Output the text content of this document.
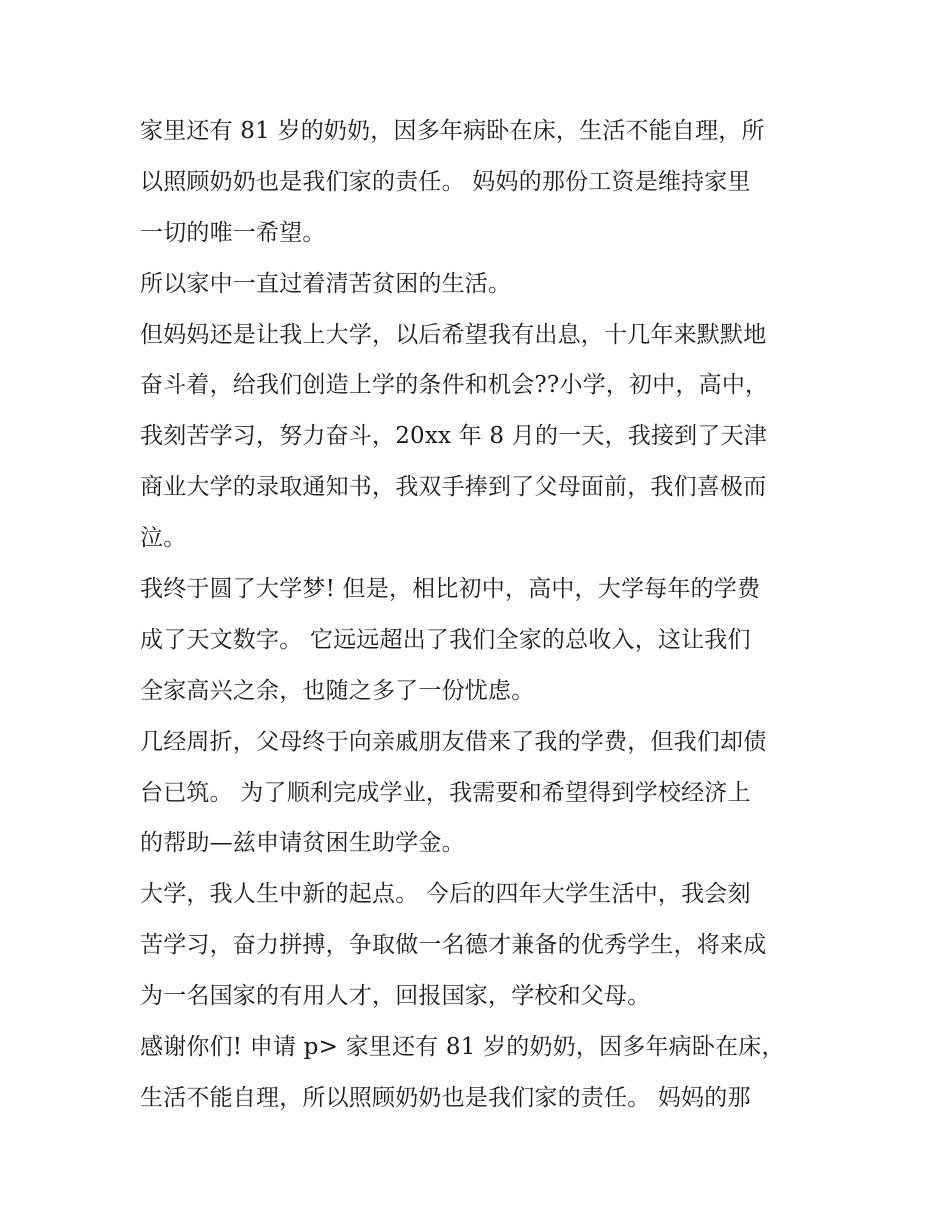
家里还有 81 岁的奶奶，因多年病卧在床，生活不能自理，所
以照顾奶奶也是我们家的责任。 妈妈的那份工资是维持家里
一切的唯一希望。
所以家中一直过着清苦贫困的生活。
但妈妈还是让我上大学，以后希望我有出息，十几年来默默地
奋斗着，给我们创造上学的条件和机会??小学，初中，高中，
我刻苦学习，努力奋斗，20xx 年 8 月的一天，我接到了天津
商业大学的录取通知书，我双手捧到了父母面前，我们喜极而
泣。
我终于圆了大学梦! 但是，相比初中，高中，大学每年的学费
成了天文数字。 它远远超出了我们全家的总收入，这让我们
全家高兴之余，也随之多了一份忧虑。
几经周折，父母终于向亲戚朋友借来了我的学费，但我们却债
台已筑。 为了顺利完成学业，我需要和希望得到学校经济上
的帮助—兹申请贫困生助学金。
大学，我人生中新的起点。 今后的四年大学生活中，我会刻
苦学习，奋力拼搏，争取做一名德才兼备的优秀学生，将来成
为一名国家的有用人才，回报国家，学校和父母。
感谢你们! 申请 p> 家里还有 81 岁的奶奶，因多年病卧在床，
生活不能自理，所以照顾奶奶也是我们家的责任。 妈妈的那
